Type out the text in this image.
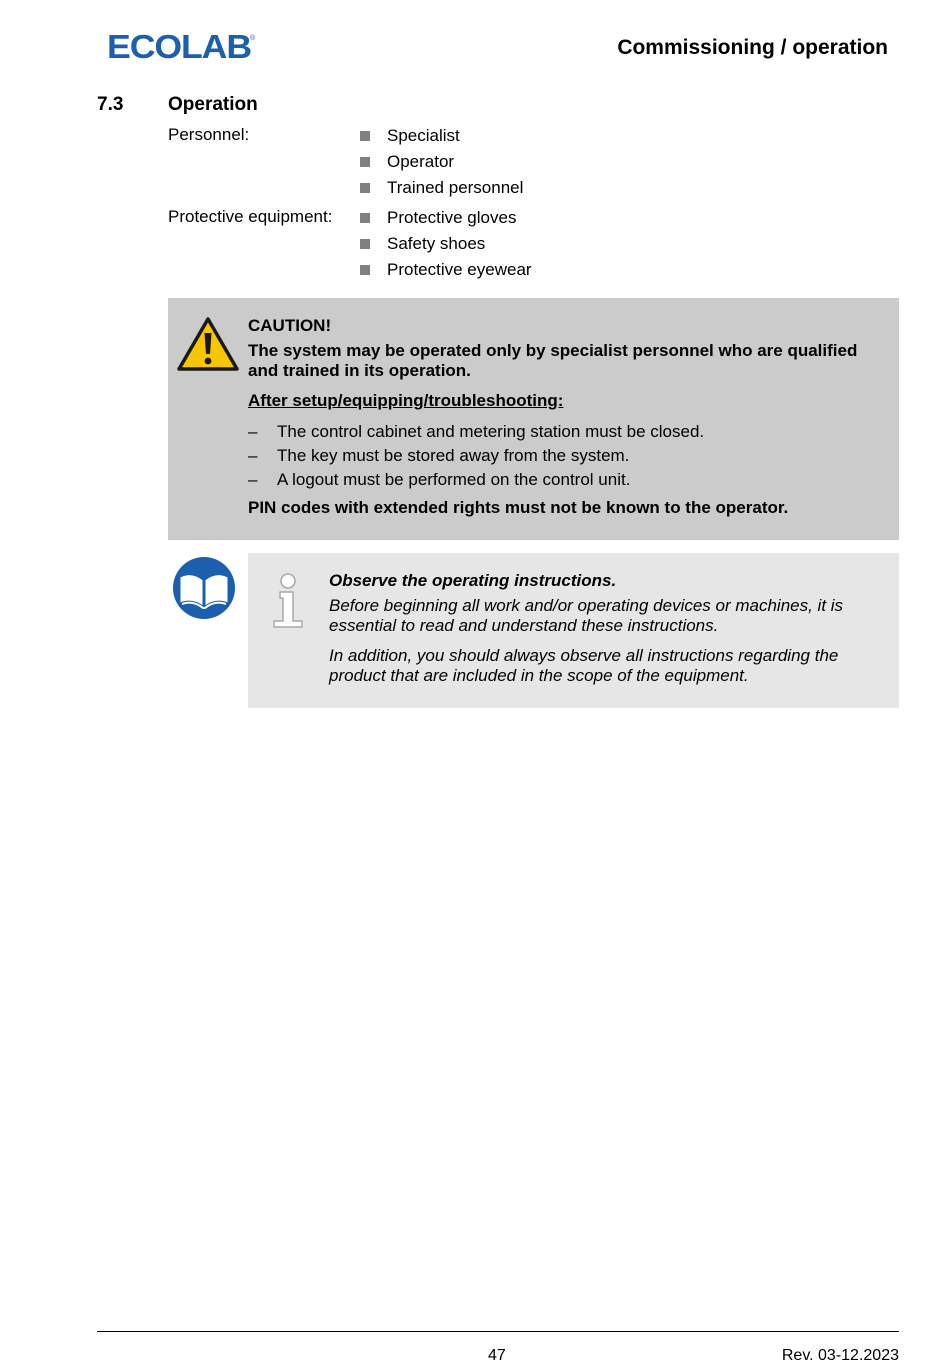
ECOLAB
®	Commissioning / operation
7.3 Operation
Personnel:	Specialist
Operator
Trained personnel
Protective equipment:	Protective gloves
Safety shoes
Protective eyewear
CAUTION!
The system may be operated only by specialist personnel who are qualified and trained in its operation.
After setup/equipping/troubleshooting:
– The control cabinet and metering station must be closed.
– The key must be stored away from the system.
– A logout must be performed on the control unit.
PIN codes with extended rights must not be known to the operator.
Observe the operating instructions.
Before beginning all work and/or operating devices or machines, it is essential to read and understand these instructions.
In addition, you should always observe all instructions regarding the product that are included in the scope of the equipment.
47	Rev. 03-12.2023
